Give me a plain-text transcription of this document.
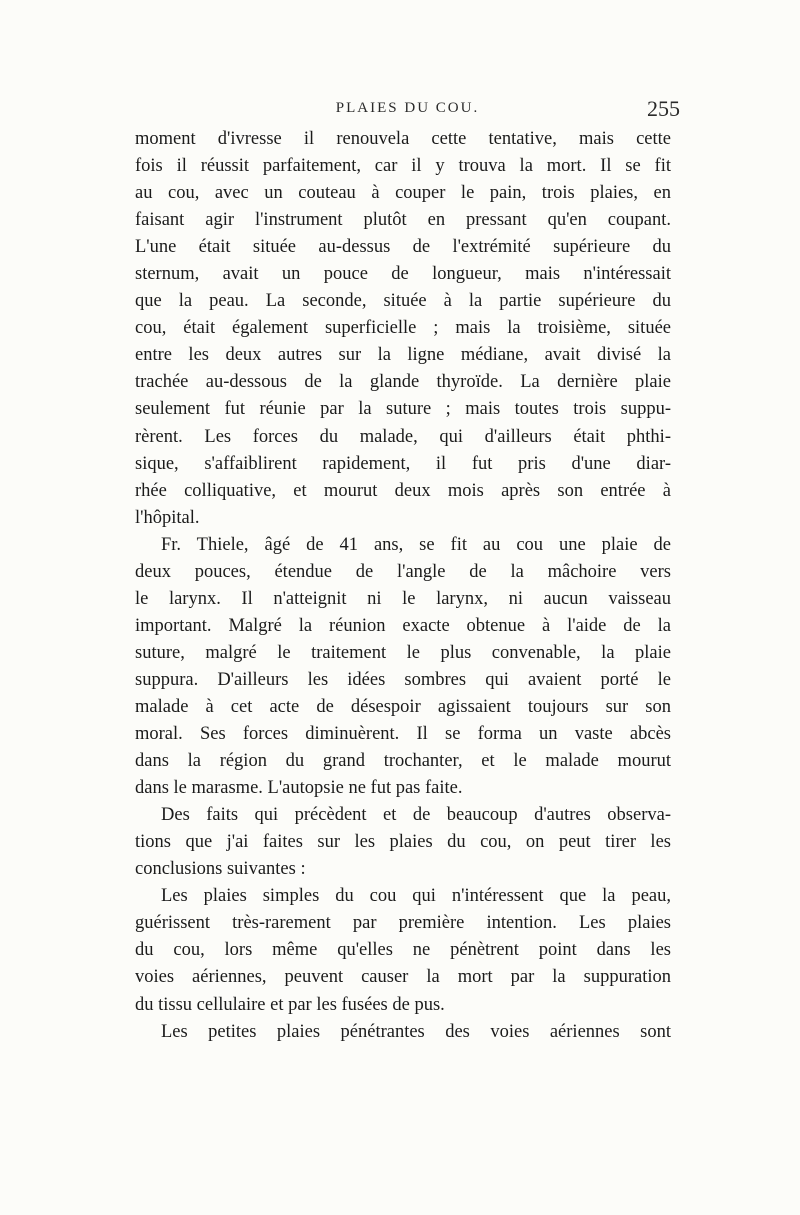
PLAIES DU COU.	255
moment d'ivresse il renouvela cette tentative, mais cette
fois il réussit parfaitement, car il y trouva la mort. Il se fit
au cou, avec un couteau à couper le pain, trois plaies, en
faisant agir l'instrument plutôt en pressant qu'en coupant.
L'une était située au-dessus de l'extrémité supérieure du
sternum, avait un pouce de longueur, mais n'intéressait
que la peau. La seconde, située à la partie supérieure du
cou, était également superficielle ; mais la troisième, située
entre les deux autres sur la ligne médiane, avait divisé la
trachée au-dessous de la glande thyroïde. La dernière plaie
seulement fut réunie par la suture ; mais toutes trois suppu-
rèrent. Les forces du malade, qui d'ailleurs était phthi-
sique, s'affaiblirent rapidement, il fut pris d'une diar-
rhée colliquative, et mourut deux mois après son entrée à
l'hôpital.
Fr. Thiele, âgé de 41 ans, se fit au cou une plaie de
deux pouces, étendue de l'angle de la mâchoire vers
le larynx. Il n'atteignit ni le larynx, ni aucun vaisseau
important. Malgré la réunion exacte obtenue à l'aide de la
suture, malgré le traitement le plus convenable, la plaie
suppura. D'ailleurs les idées sombres qui avaient porté le
malade à cet acte de désespoir agissaient toujours sur son
moral. Ses forces diminuèrent. Il se forma un vaste abcès
dans la région du grand trochanter, et le malade mourut
dans le marasme. L'autopsie ne fut pas faite.
Des faits qui précèdent et de beaucoup d'autres observa-
tions que j'ai faites sur les plaies du cou, on peut tirer les
conclusions suivantes :
Les plaies simples du cou qui n'intéressent que la peau,
guérissent très-rarement par première intention. Les plaies
du cou, lors même qu'elles ne pénètrent point dans les
voies aériennes, peuvent causer la mort par la suppuration
du tissu cellulaire et par les fusées de pus.
Les petites plaies pénétrantes des voies aériennes sont
